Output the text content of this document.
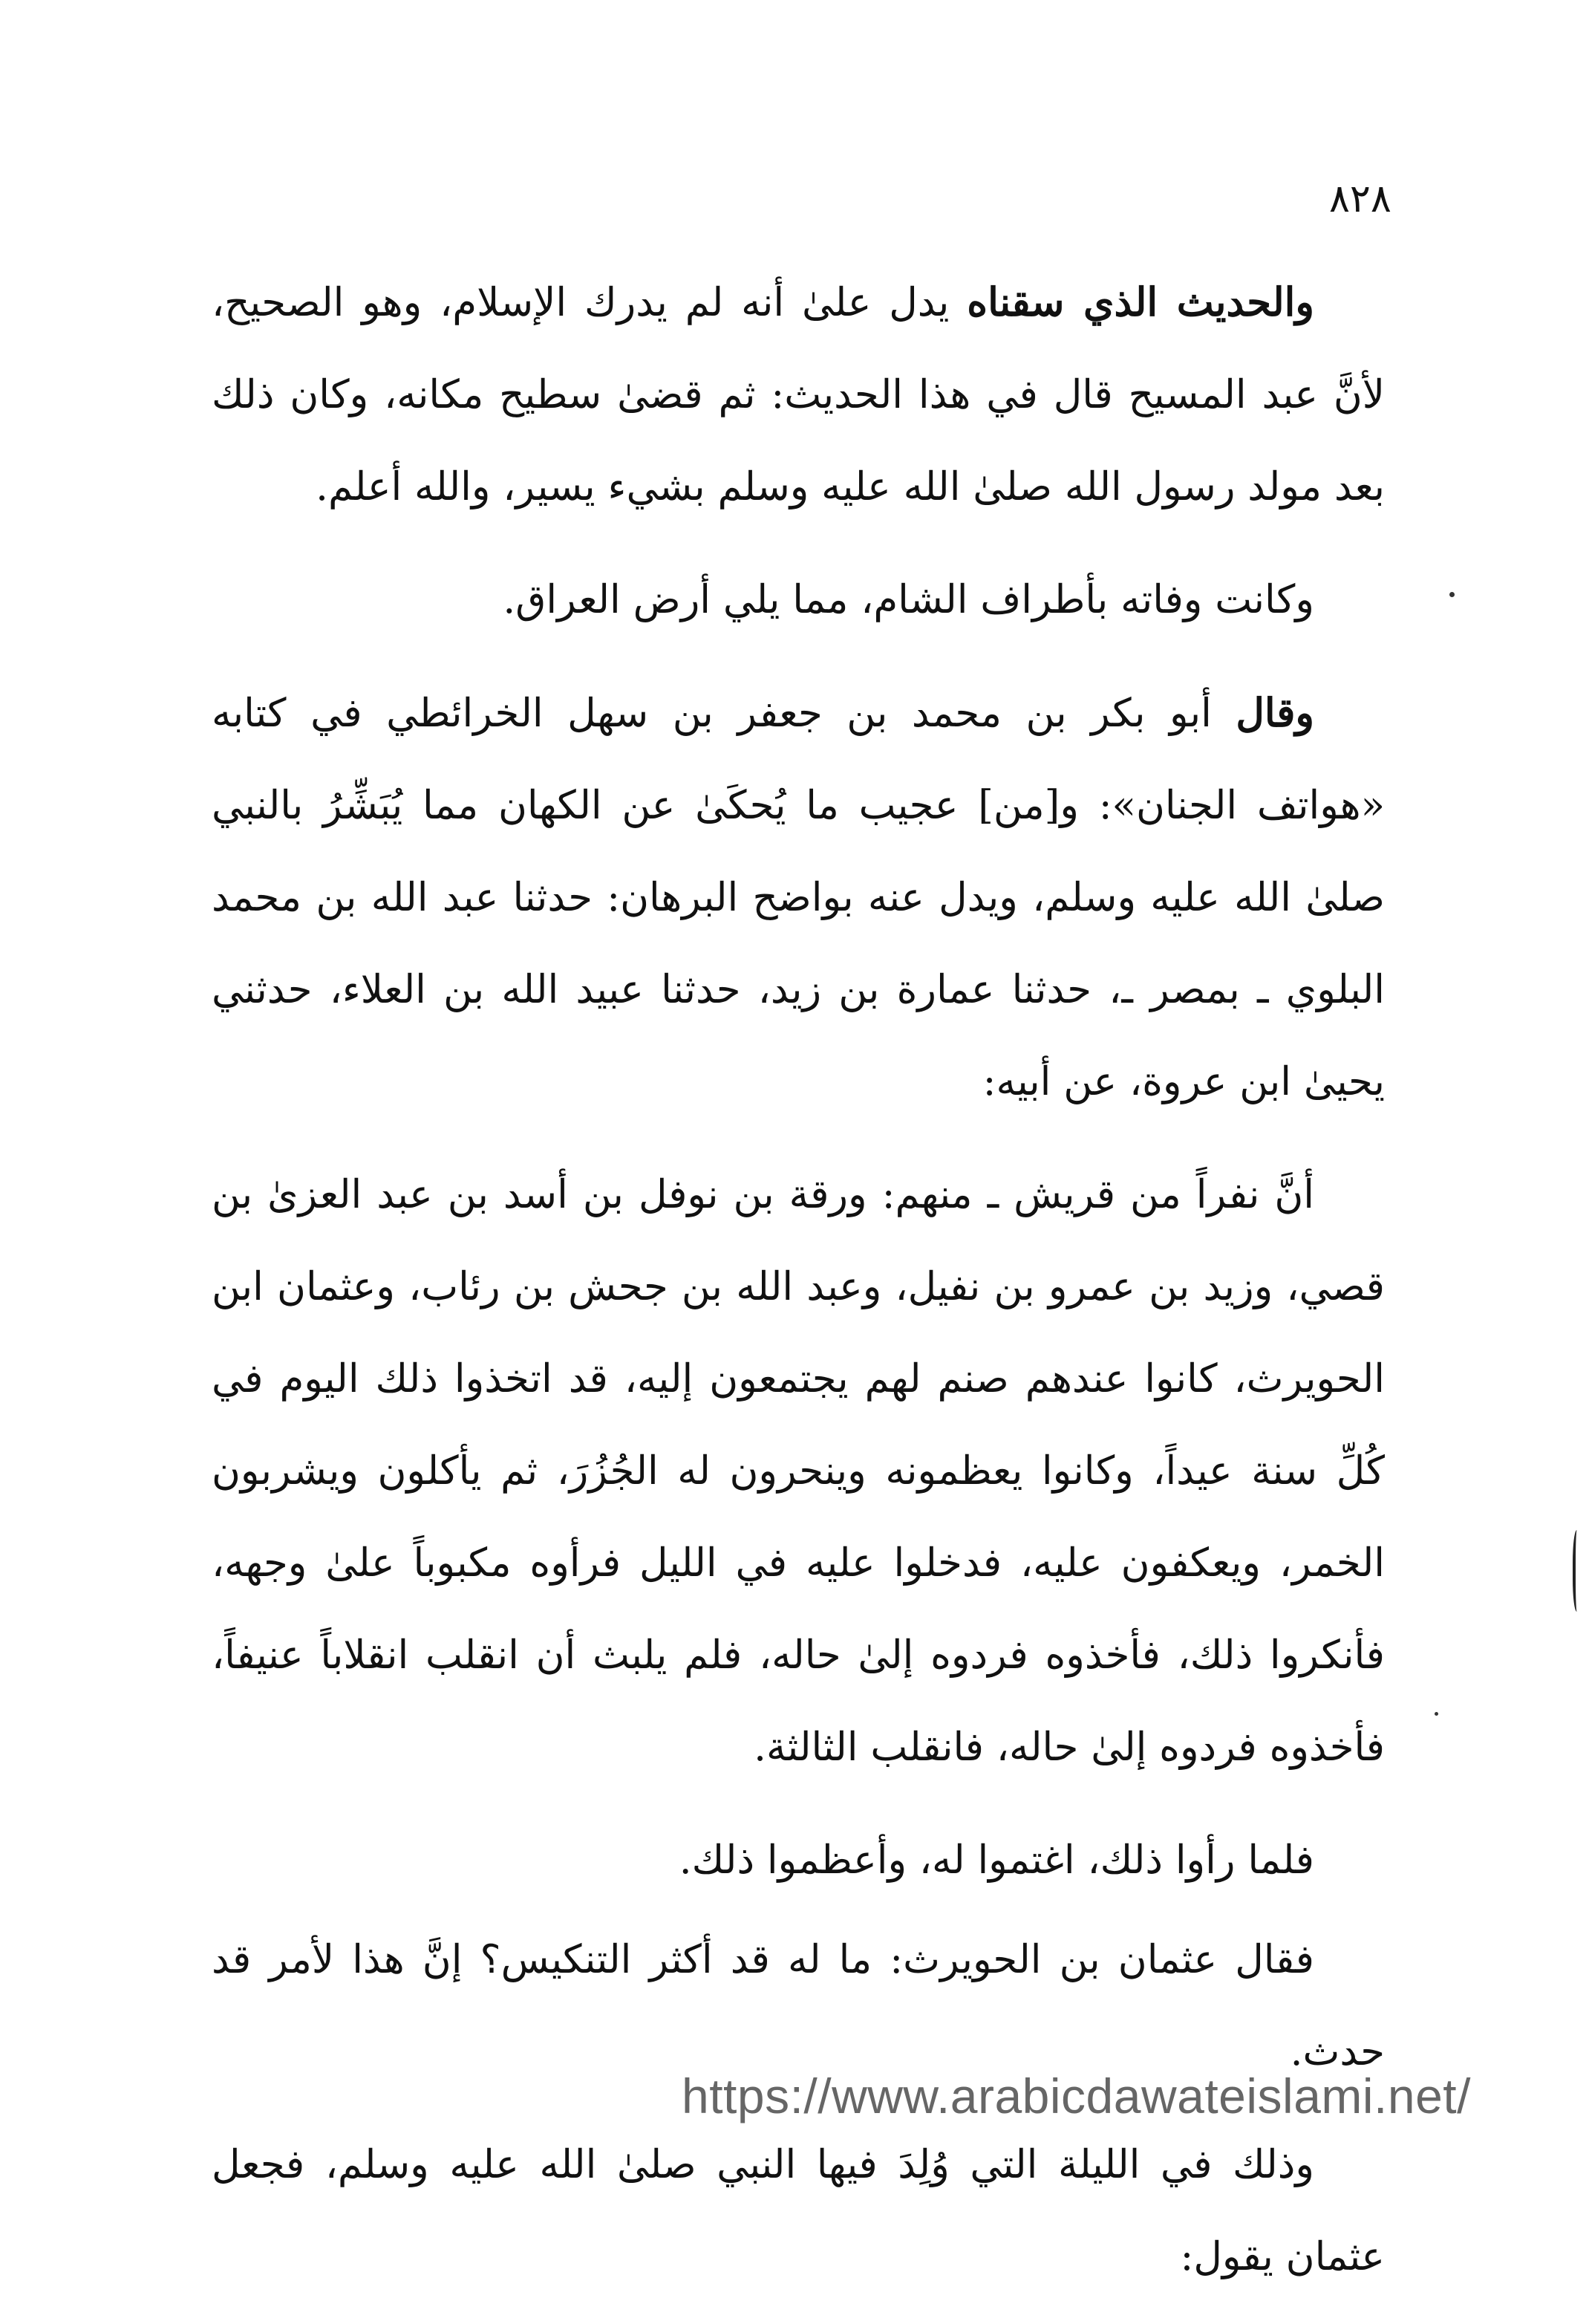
٨٢٨

والحديث الذي سقناه يدل علىٰ أنه لم يدرك الإسلام، وهو الصحيح، لأنَّ عبد المسيح قال في هذا الحديث: ثم قضىٰ سطيح مكانه، وكان ذلك بعد مولد رسول الله صلىٰ الله عليه وسلم بشيء يسير، والله أعلم.

وكانت وفاته بأطراف الشام، مما يلي أرض العراق.

وقال أبو بكر بن محمد بن جعفر بن سهل الخرائطي في كتابه «هواتف الجنان»: و[من] عجيب ما يُحكَىٰ عن الكهان مما يُبَشِّرُ بالنبي صلىٰ الله عليه وسلم، ويدل عنه بواضح البرهان: حدثنا عبد الله بن محمد البلوي ـ بمصر ـ، حدثنا عمارة بن زيد، حدثنا عبيد الله بن العلاء، حدثني يحيىٰ ابن عروة، عن أبيه:

أنَّ نفراً من قريش ـ منهم: ورقة بن نوفل بن أسد بن عبد العزىٰ بن قصي، وزيد بن عمرو بن نفيل، وعبد الله بن جحش بن رئاب، وعثمان ابن الحويرث، كانوا عندهم صنم لهم يجتمعون إليه، قد اتخذوا ذلك اليوم في كُلِّ سنة عيداً، وكانوا يعظمونه وينحرون له الجُزُرَ، ثم يأكلون ويشربون الخمر، ويعكفون عليه، فدخلوا عليه في الليل فرأوه مكبوباً علىٰ وجهه، فأنكروا ذلك، فأخذوه فردوه إلىٰ حاله، فلم يلبث أن انقلب انقلاباً عنيفاً، فأخذوه فردوه إلىٰ حاله، فانقلب الثالثة.

فلما رأوا ذلك، اغتموا له، وأعظموا ذلك.

فقال عثمان بن الحويرث: ما له قد أكثر التنكيس؟ إنَّ هذا لأمر قد حدث.

وذلك في الليلة التي وُلِدَ فيها النبي صلىٰ الله عليه وسلم، فجعل عثمان يقول:

https://www.arabicdawateislami.net/
